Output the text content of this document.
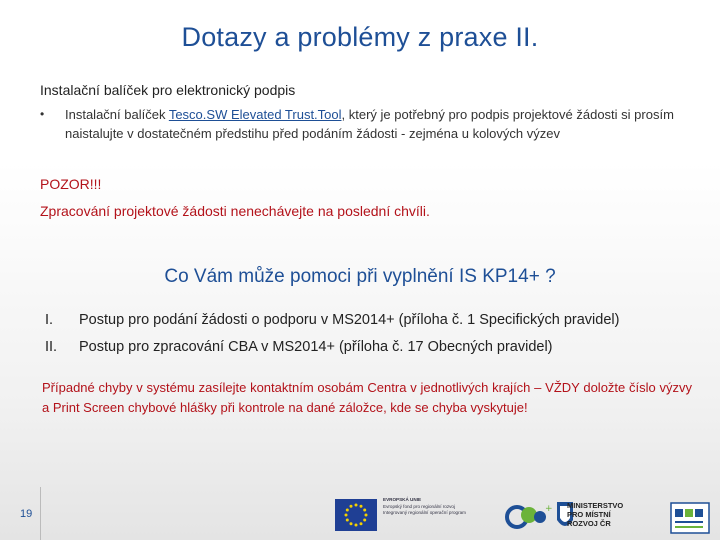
Dotazy a problémy z praxe II.
Instalační balíček pro elektronický podpis
• Instalační balíček Tesco.SW Elevated Trust.Tool, který je potřebný pro podpis projektové žádosti si prosím naistalujte v dostatečném předstihu před podáním žádosti - zejména u kolových výzev
POZOR!!!
Zpracování projektové žádosti nenechávejte na poslední chvíli.
Co Vám může pomoci při vyplnění IS KP14+ ?
I. Postup pro podání žádosti o podporu v MS2014+ (příloha č. 1 Specifických pravidel)
II. Postup pro zpracování CBA v MS2014+ (příloha č. 17 Obecných pravidel)
Případné chyby v systému zasílejte kontaktním osobám Centra v jednotlivých krajích – VŽDY doložte číslo výzvy a Print Screen chybové hlášky při kontrole na dané záložce, kde se chyba vyskytuje!
19
EVROPSKÁ UNIE
Evropský fond pro regionální rozvoj
Integrovaný regionální operační program	+ MINISTERSTVO
PRO MÍSTNÍ
ROZVOJ ČR
